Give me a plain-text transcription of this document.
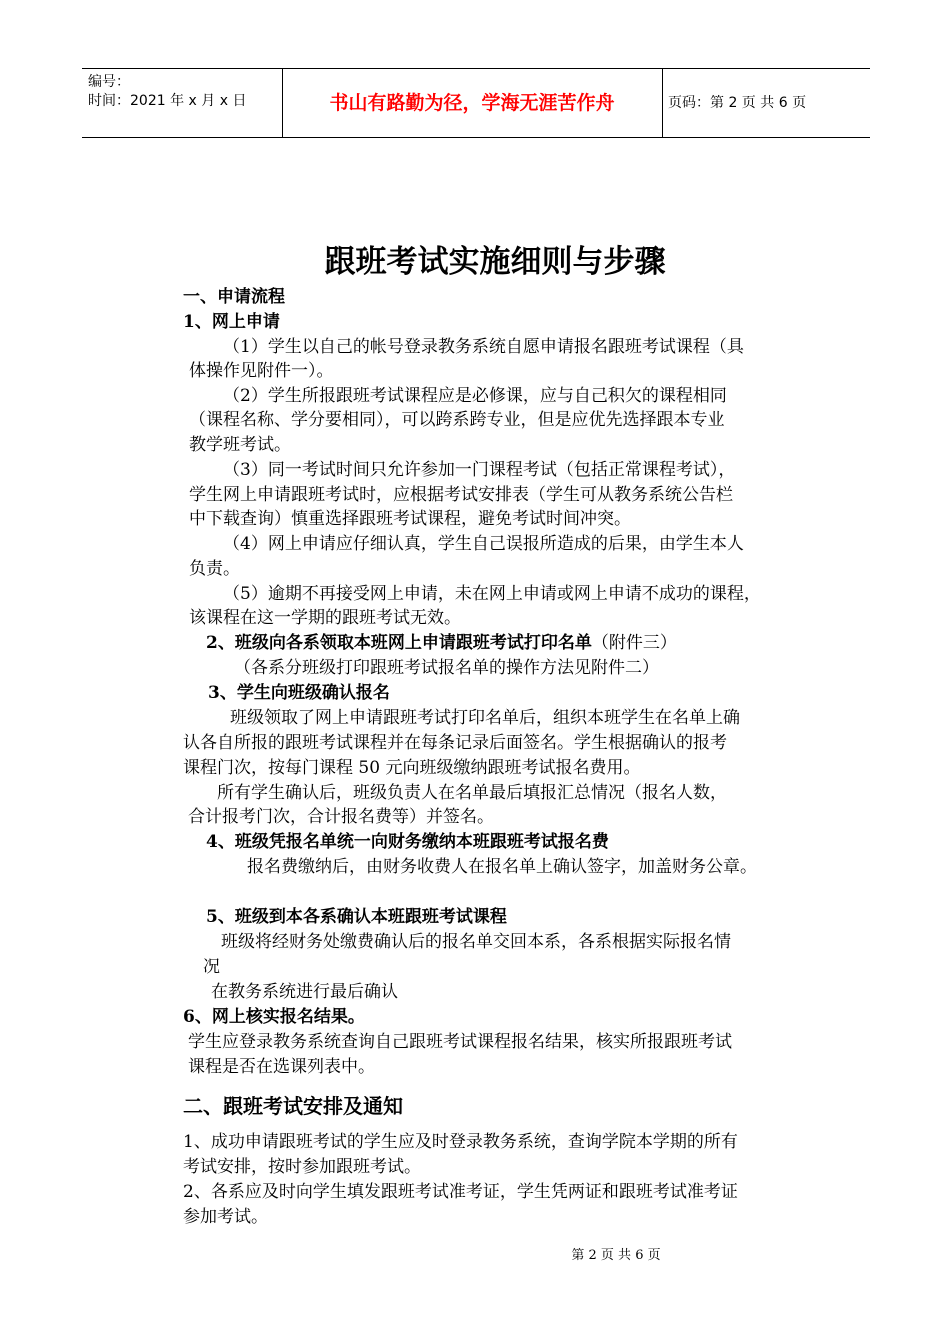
编号：
时间：2021 年 x 月 x 日	书山有路勤为径，学海无涯苦作舟	页码：第 2 页 共 6 页
跟班考试实施细则与步骤
一、申请流程
1、网上申请
（1）学生以自己的帐号登录教务系统自愿申请报名跟班考试课程（具
体操作见附件一）。
（2）学生所报跟班考试课程应是必修课，应与自己积欠的课程相同
（课程名称、学分要相同），可以跨系跨专业，但是应优先选择跟本专业
教学班考试。
（3）同一考试时间只允许参加一门课程考试（包括正常课程考试），
学生网上申请跟班考试时，应根据考试安排表（学生可从教务系统公告栏
中下载查询）慎重选择跟班考试课程，避免考试时间冲突。
（4）网上申请应仔细认真，学生自己误报所造成的后果，由学生本人
负责。
（5）逾期不再接受网上申请，未在网上申请或网上申请不成功的课程，
该课程在这一学期的跟班考试无效。
2、班级向各系领取本班网上申请跟班考试打印名单（附件三）
（各系分班级打印跟班考试报名单的操作方法见附件二）
3、学生向班级确认报名
班级领取了网上申请跟班考试打印名单后，组织本班学生在名单上确
认各自所报的跟班考试课程并在每条记录后面签名。学生根据确认的报考
课程门次，按每门课程 50 元向班级缴纳跟班考试报名费用。
所有学生确认后，班级负责人在名单最后填报汇总情况（报名人数，
合计报考门次，合计报名费等）并签名。
4、班级凭报名单统一向财务缴纳本班跟班考试报名费
报名费缴纳后，由财务收费人在报名单上确认签字，加盖财务公章。
5、班级到本各系确认本班跟班考试课程
班级将经财务处缴费确认后的报名单交回本系，各系根据实际报名情
况
在教务系统进行最后确认
6、网上核实报名结果。
学生应登录教务系统查询自己跟班考试课程报名结果，核实所报跟班考试
课程是否在选课列表中。
二、跟班考试安排及通知
1、成功申请跟班考试的学生应及时登录教务系统，查询学院本学期的所有
考试安排，按时参加跟班考试。
2、各系应及时向学生填发跟班考试准考证，学生凭两证和跟班考试准考证
参加考试。
第 2 页 共 6 页
